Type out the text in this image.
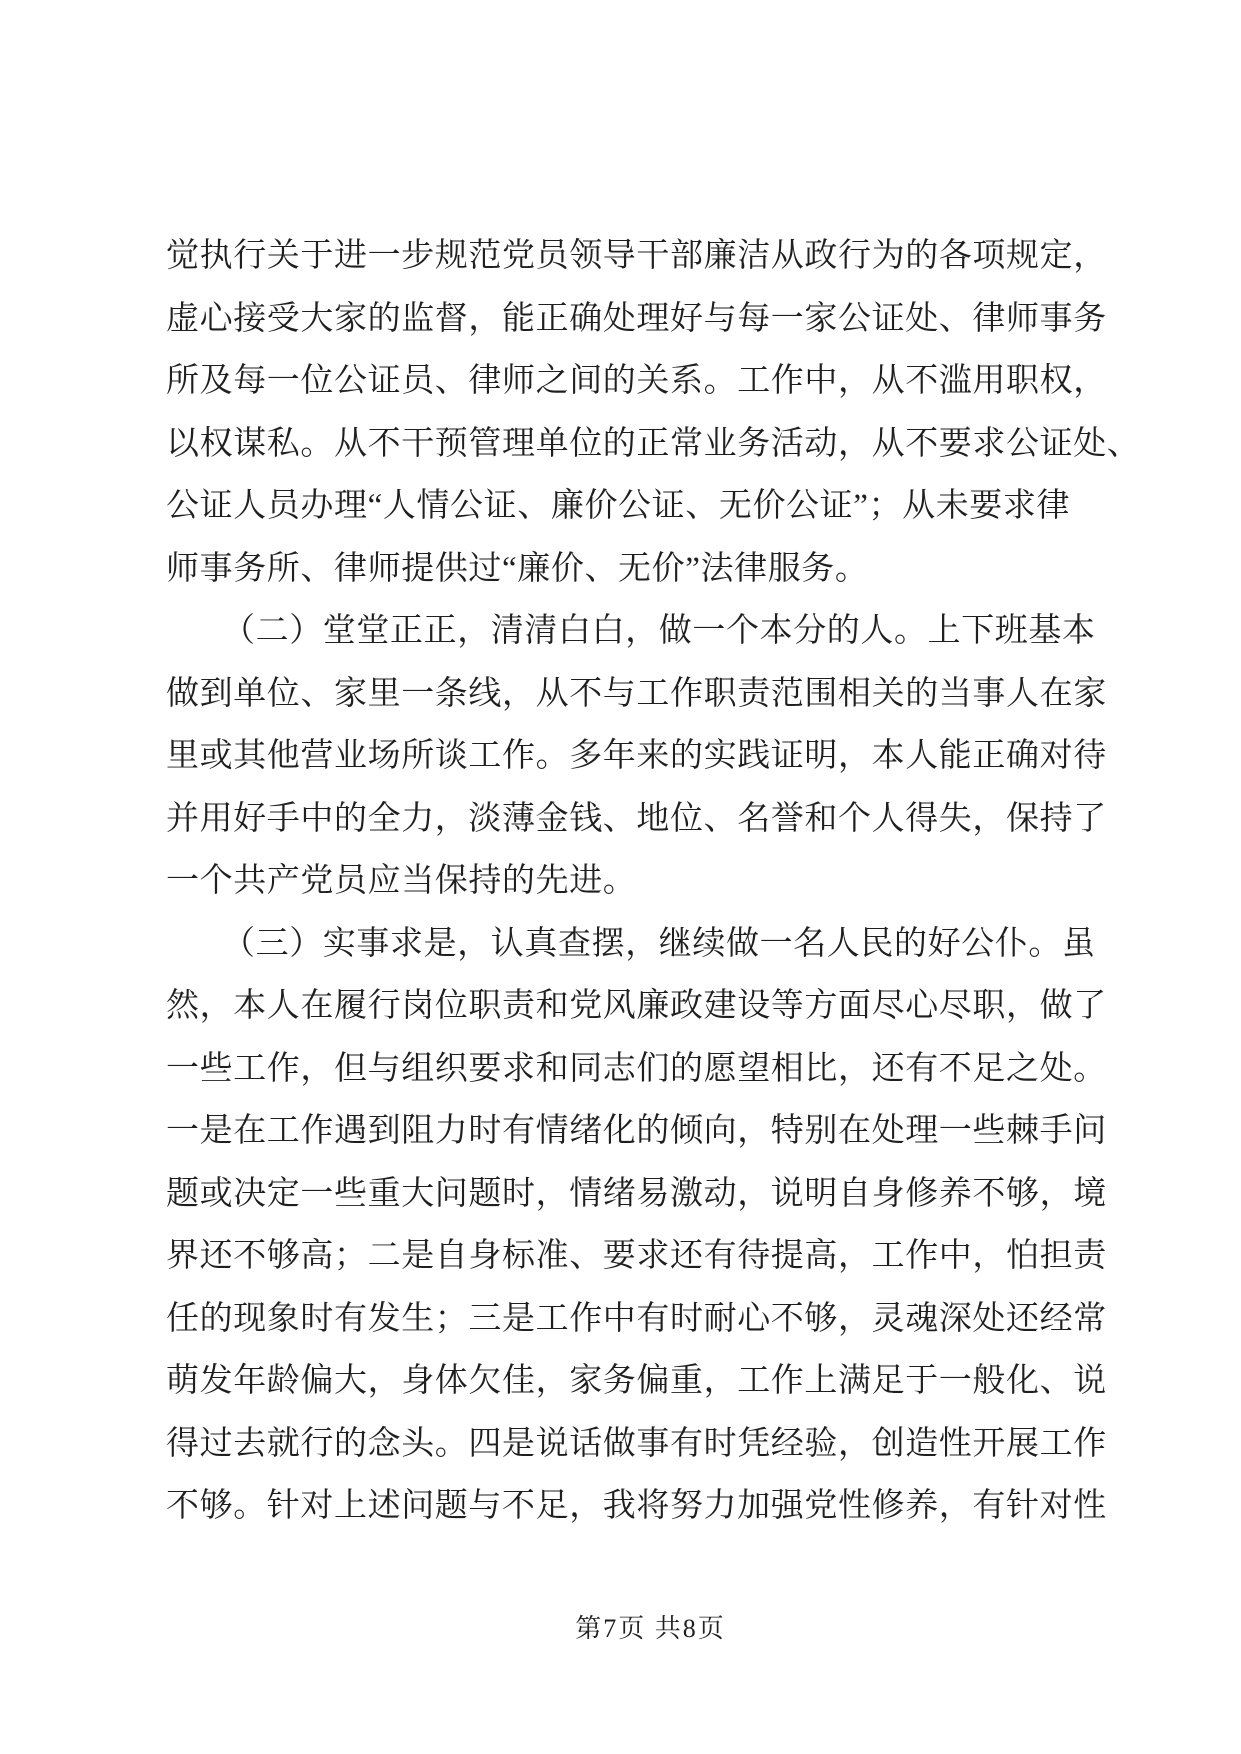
觉执行关于进一步规范党员领导干部廉洁从政行为的各项规定，
虚心接受大家的监督，能正确处理好与每一家公证处、律师事务
所及每一位公证员、律师之间的关系。工作中，从不滥用职权，
以权谋私。从不干预管理单位的正常业务活动，从不要求公证处、
公证人员办理“人情公证、廉价公证、无价公证”；从未要求律
师事务所、律师提供过“廉价、无价”法律服务。
（二）堂堂正正，清清白白，做一个本分的人。上下班基本
做到单位、家里一条线，从不与工作职责范围相关的当事人在家
里或其他营业场所谈工作。多年来的实践证明，本人能正确对待
并用好手中的全力，淡薄金钱、地位、名誉和个人得失，保持了
一个共产党员应当保持的先进。
（三）实事求是，认真查摆，继续做一名人民的好公仆。虽
然，本人在履行岗位职责和党风廉政建设等方面尽心尽职，做了
一些工作，但与组织要求和同志们的愿望相比，还有不足之处。
一是在工作遇到阻力时有情绪化的倾向，特别在处理一些棘手问
题或决定一些重大问题时，情绪易激动，说明自身修养不够，境
界还不够高；二是自身标准、要求还有待提高，工作中，怕担责
任的现象时有发生；三是工作中有时耐心不够，灵魂深处还经常
萌发年龄偏大，身体欠佳，家务偏重，工作上满足于一般化、说
得过去就行的念头。四是说话做事有时凭经验，创造性开展工作
不够。针对上述问题与不足，我将努力加强党性修养，有针对性
第7页 共8页
